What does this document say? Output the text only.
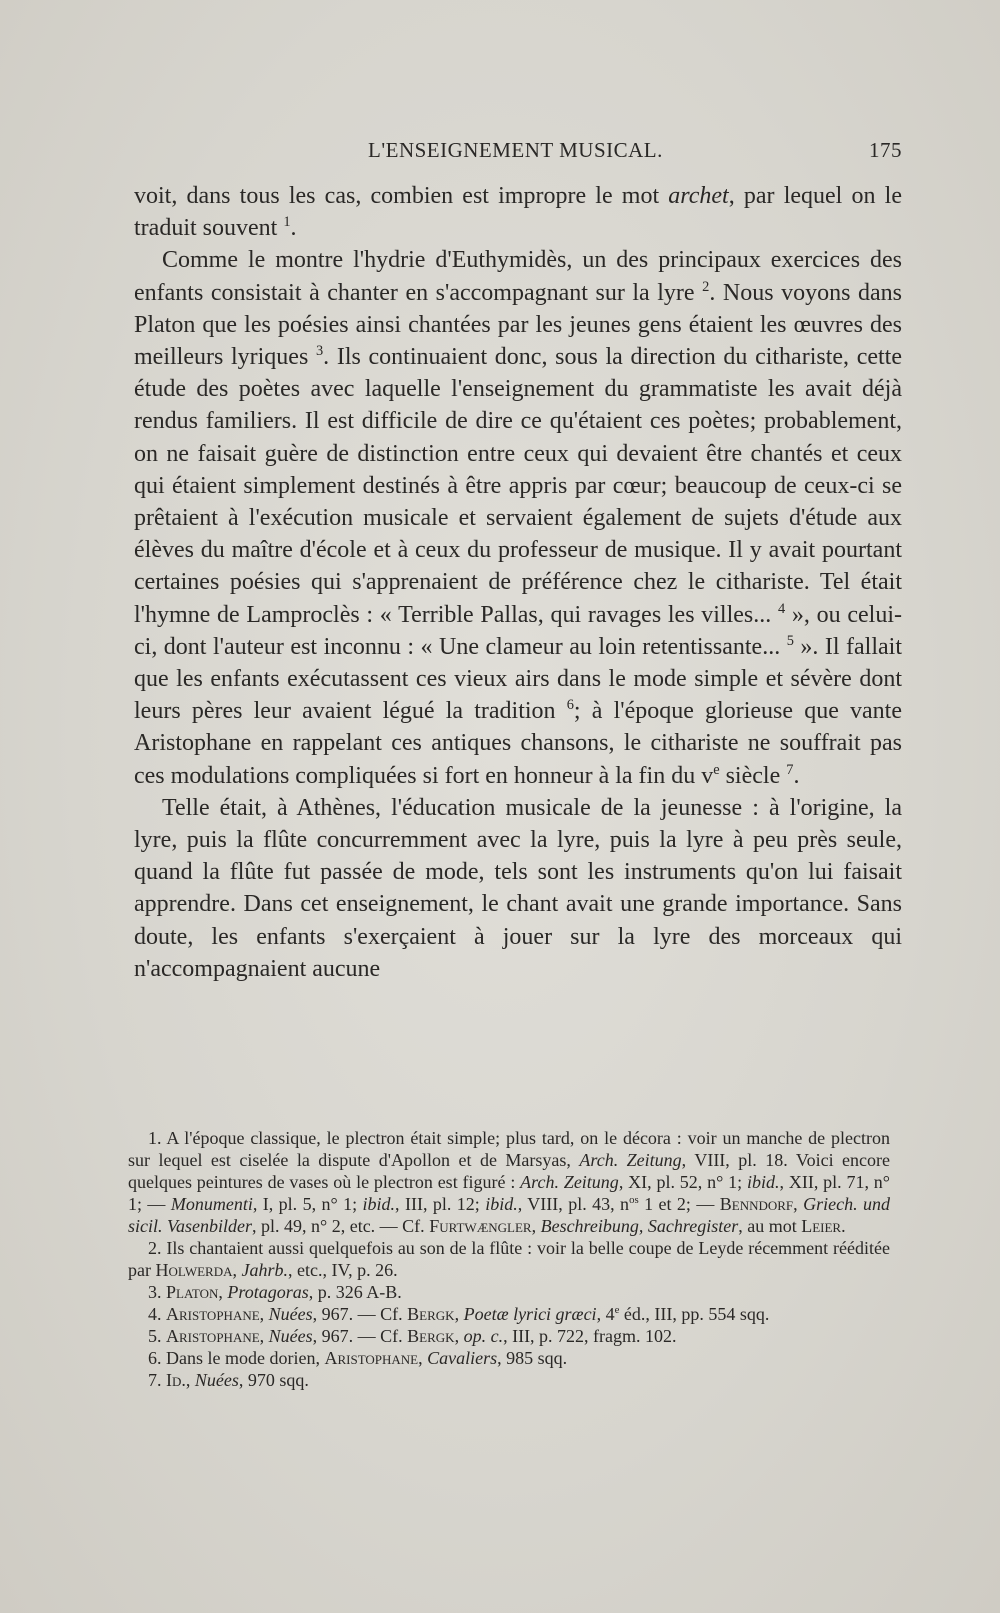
L'ENSEIGNEMENT MUSICAL.	175

voit, dans tous les cas, combien est impropre le mot archet, par lequel on le traduit souvent $^1$.

Comme le montre l'hydrie d'Euthymidès, un des principaux exercices des enfants consistait à chanter en s'accompagnant sur la lyre $^2$. Nous voyons dans Platon que les poésies ainsi chantées par les jeunes gens étaient les œuvres des meilleurs lyriques $^3$. Ils continuaient donc, sous la direction du cithariste, cette étude des poètes avec laquelle l'enseignement du grammatiste les avait déjà rendus familiers. Il est difficile de dire ce qu'étaient ces poètes; probablement, on ne faisait guère de distinction entre ceux qui devaient être chantés et ceux qui étaient simplement destinés à être appris par cœur; beaucoup de ceux-ci se prêtaient à l'exécution musicale et servaient également de sujets d'étude aux élèves du maître d'école et à ceux du professeur de musique. Il y avait pourtant certaines poésies qui s'apprenaient de préférence chez le cithariste. Tel était l'hymne de Lamproclès : « Terrible Pallas, qui ravages les villes... $^4$ », ou celui-ci, dont l'auteur est inconnu : « Une clameur au loin retentissante... $^5$ ». Il fallait que les enfants exécutassent ces vieux airs dans le mode simple et sévère dont leurs pères leur avaient légué la tradition $^6$; à l'époque glorieuse que vante Aristophane en rappelant ces antiques chansons, le cithariste ne souffrait pas ces modulations compliquées si fort en honneur à la fin du $v^e$ siècle $^7$.

Telle était, à Athènes, l'éducation musicale de la jeunesse : à l'origine, la lyre, puis la flûte concurremment avec la lyre, puis la lyre à peu près seule, quand la flûte fut passée de mode, tels sont les instruments qu'on lui faisait apprendre. Dans cet enseignement, le chant avait une grande importance. Sans doute, les enfants s'exerçaient à jouer sur la lyre des morceaux qui n'accompagnaient aucune

1. A l'époque classique, le plectron était simple; plus tard, on le décora : voir un manche de plectron sur lequel est ciselée la dispute d'Apollon et de Marsyas, Arch. Zeitung, VIII, pl. 18. Voici encore quelques peintures de vases où le plectron est figuré : Arch. Zeitung, XI, pl. 52, n° 1; ibid., XII, pl. 71, n° 1; — Monumenti, I, pl. 5, n° 1; ibid., III, pl. 12; ibid., VIII, pl. 43, $n^{os}$ 1 et 2; — Benndorf, Griech. und sicil. Vasenbilder, pl. 49, n° 2, etc. — Cf. Furtwængler, Beschreibung, Sachregister, au mot Leier.

2. Ils chantaient aussi quelquefois au son de la flûte : voir la belle coupe de Leyde récemment rééditée par Holwerda, Jahrb., etc., IV, p. 26.

3. Platon, Protagoras, p. 326 A-B.

4. Aristophane, Nuées, 967. — Cf. Bergk, Poetæ lyrici græci, 4e éd., III, pp. 554 sqq.

5. Aristophane, Nuées, 967. — Cf. Bergk, op. c., III, p. 722, fragm. 102.

6. Dans le mode dorien, Aristophane, Cavaliers, 985 sqq.

7. Id., Nuées, 970 sqq.
